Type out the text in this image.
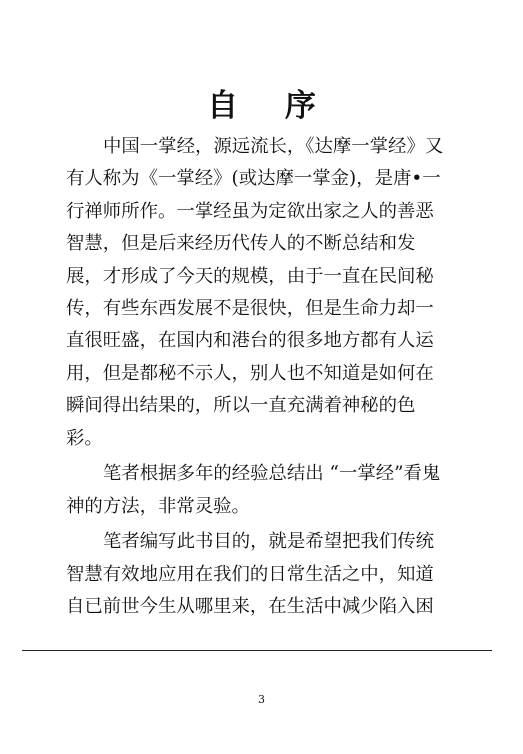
自 序

中国一掌经，源远流长，《达摩一掌经》又有人称为《一掌经》(或达摩一掌金)，是唐•一行禅师所作。一掌经虽为定欲出家之人的善恶智慧，但是后来经历代传人的不断总结和发展，才形成了今天的规模，由于一直在民间秘传，有些东西发展不是很快，但是生命力却一直很旺盛，在国内和港台的很多地方都有人运用，但是都秘不示人，别人也不知道是如何在瞬间得出结果的，所以一直充满着神秘的色彩。

笔者根据多年的经验总结出 “一掌经”看鬼神的方法，非常灵验。

笔者编写此书目的，就是希望把我们传统智慧有效地应用在我们的日常生活之中，知道自已前世今生从哪里来，在生活中减少陷入困

3
